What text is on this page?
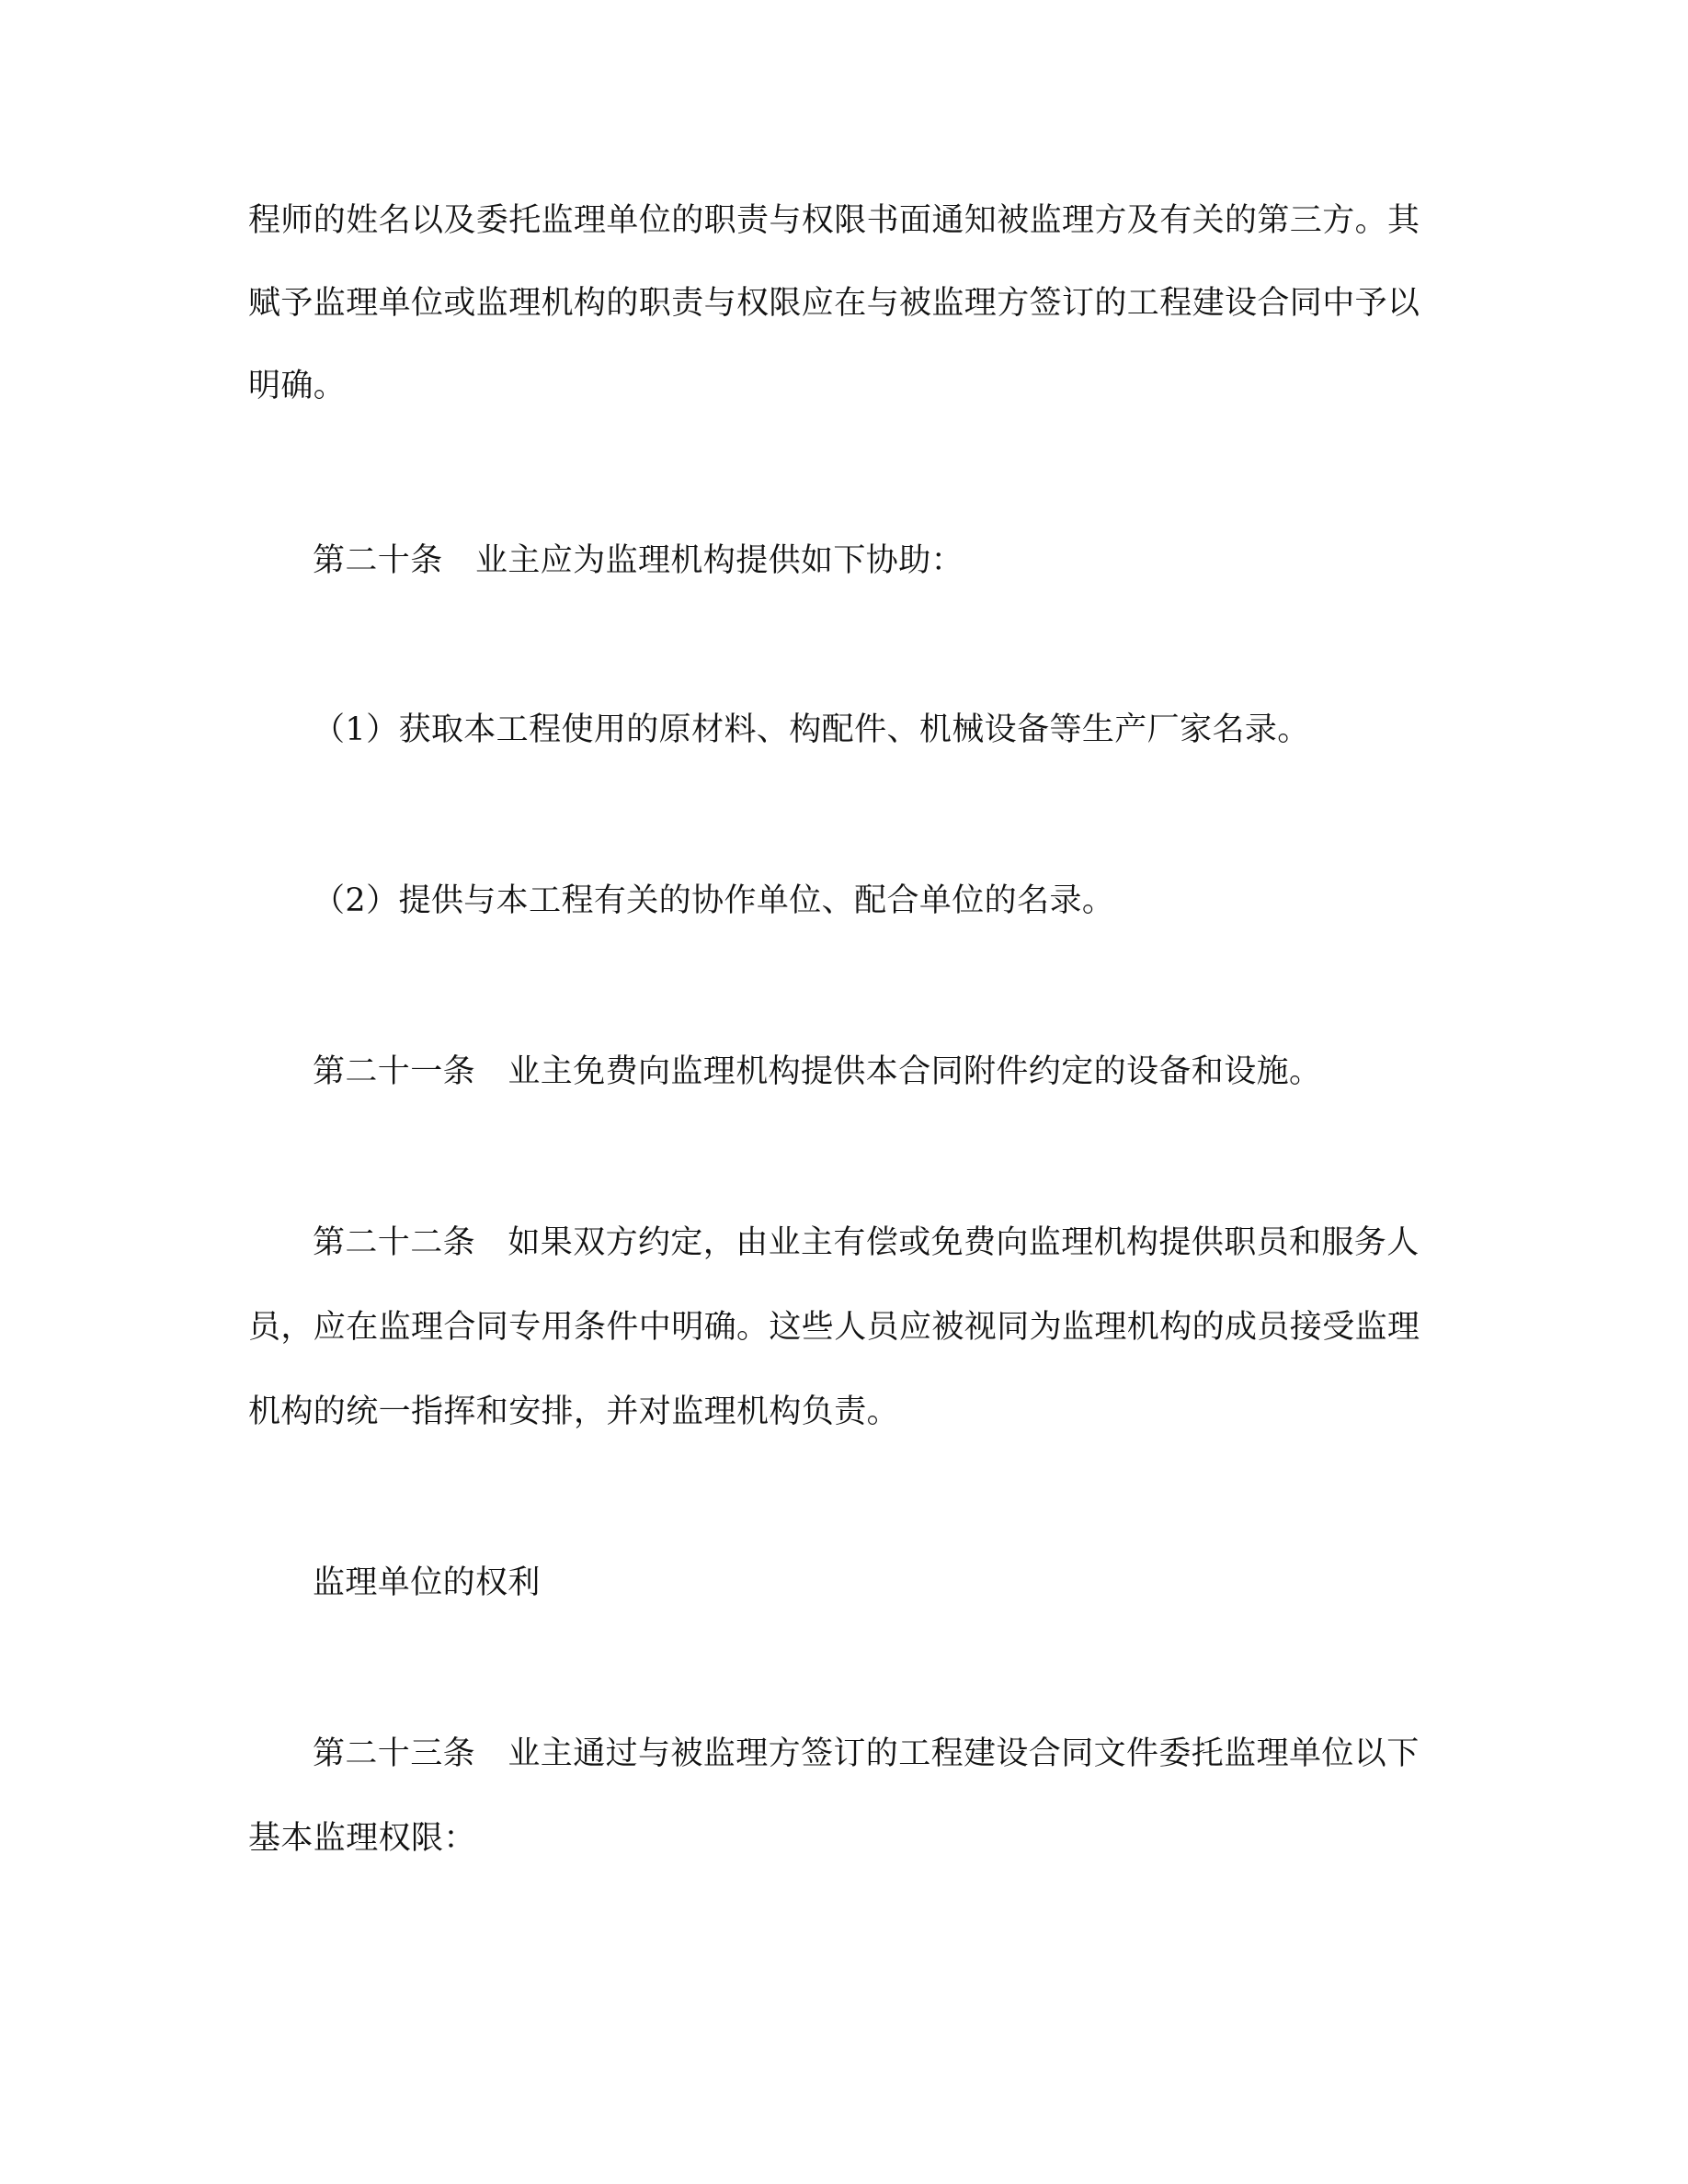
程师的姓名以及委托监理单位的职责与权限书面通知被监理方及有关的第三方。其
赋予监理单位或监理机构的职责与权限应在与被监理方签订的工程建设合同中予以
明确。
第二十条　业主应为监理机构提供如下协助：
（1）获取本工程使用的原材料、构配件、机械设备等生产厂家名录。
（2）提供与本工程有关的协作单位、配合单位的名录。
第二十一条　业主免费向监理机构提供本合同附件约定的设备和设施。
第二十二条　如果双方约定，由业主有偿或免费向监理机构提供职员和服务人
员，应在监理合同专用条件中明确。这些人员应被视同为监理机构的成员接受监理
机构的统一指挥和安排，并对监理机构负责。
监理单位的权利
第二十三条　业主通过与被监理方签订的工程建设合同文件委托监理单位以下
基本监理权限：
